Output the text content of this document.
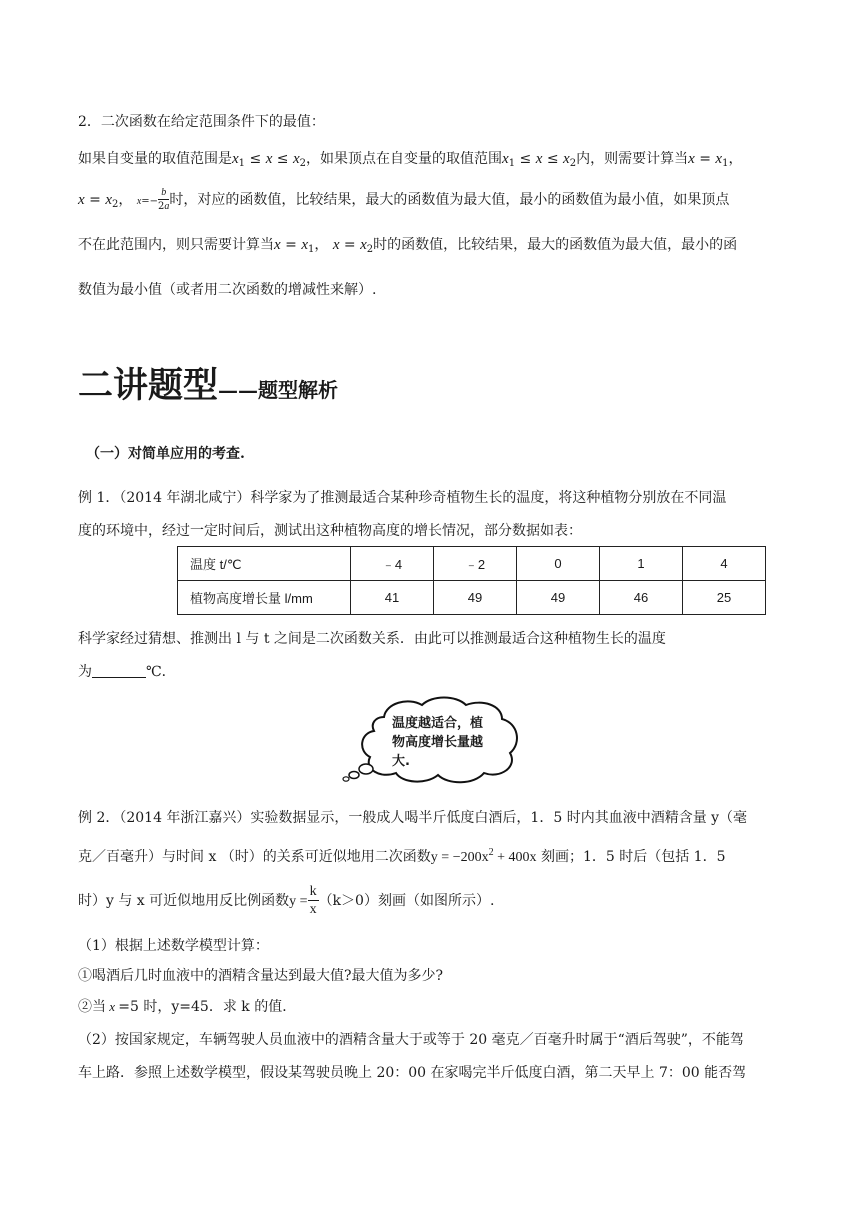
2．二次函数在给定范围条件下的最值：
如果自变量的取值范围是$x_1 \le x \le x_2$，如果顶点在自变量的取值范围$x_1 \le x \le x_2$内，则需要计算当$x = x_1$，
$x = x_2$， $x=- \frac{b}{2a}$ 时，对应的函数值，比较结果，最大的函数值为最大值，最小的函数值为最小值，如果顶点
不在此范围内，则只需要计算当$x = x_1$， $x = x_2$时的函数值，比较结果，最大的函数值为最大值，最小的函
数值为最小值（或者用二次函数的增减性来解）.
二讲题型——题型解析
（一）对简单应用的考查.
例 1．（2014 年湖北咸宁）科学家为了推测最适合某种珍奇植物生长的温度，将这种植物分别放在不同温
度的环境中，经过一定时间后，测试出这种植物高度的增长情况，部分数据如表：
温度 t/℃	﹣4	﹣2	0	1	4
植物高度增长量 l/mm	41	49	49	46	25
科学家经过猜想、推测出 l 与 t 之间是二次函数关系．由此可以推测最适合这种植物生长的温度
为	℃．
温度越适合，植物高度增长量越大.
例 2．（2014 年浙江嘉兴）实验数据显示，一般成人喝半斤低度白酒后，1．5 时内其血液中酒精含量 y（毫
克／百毫升）与时间 x （时）的关系可近似地用二次函数$y = -200x^2 + 400x$ 刻画；1．5 时后（包括 1．5
时）y 与 x 可近似地用反比例函数$y = \frac{k}{x} (k>0)$刻画（如图所示）.
（1）根据上述数学模型计算：
①喝酒后几时血液中的酒精含量达到最大值?最大值为多少?
②当 x =5 时，y=45．求 k 的值．
（2）按国家规定，车辆驾驶人员血液中的酒精含量大于或等于 20 毫克／百毫升时属于“酒后驾驶”，不能驾
车上路．参照上述数学模型，假设某驾驶员晚上 20：00 在家喝完半斤低度白酒，第二天早上 7：00 能否驾
